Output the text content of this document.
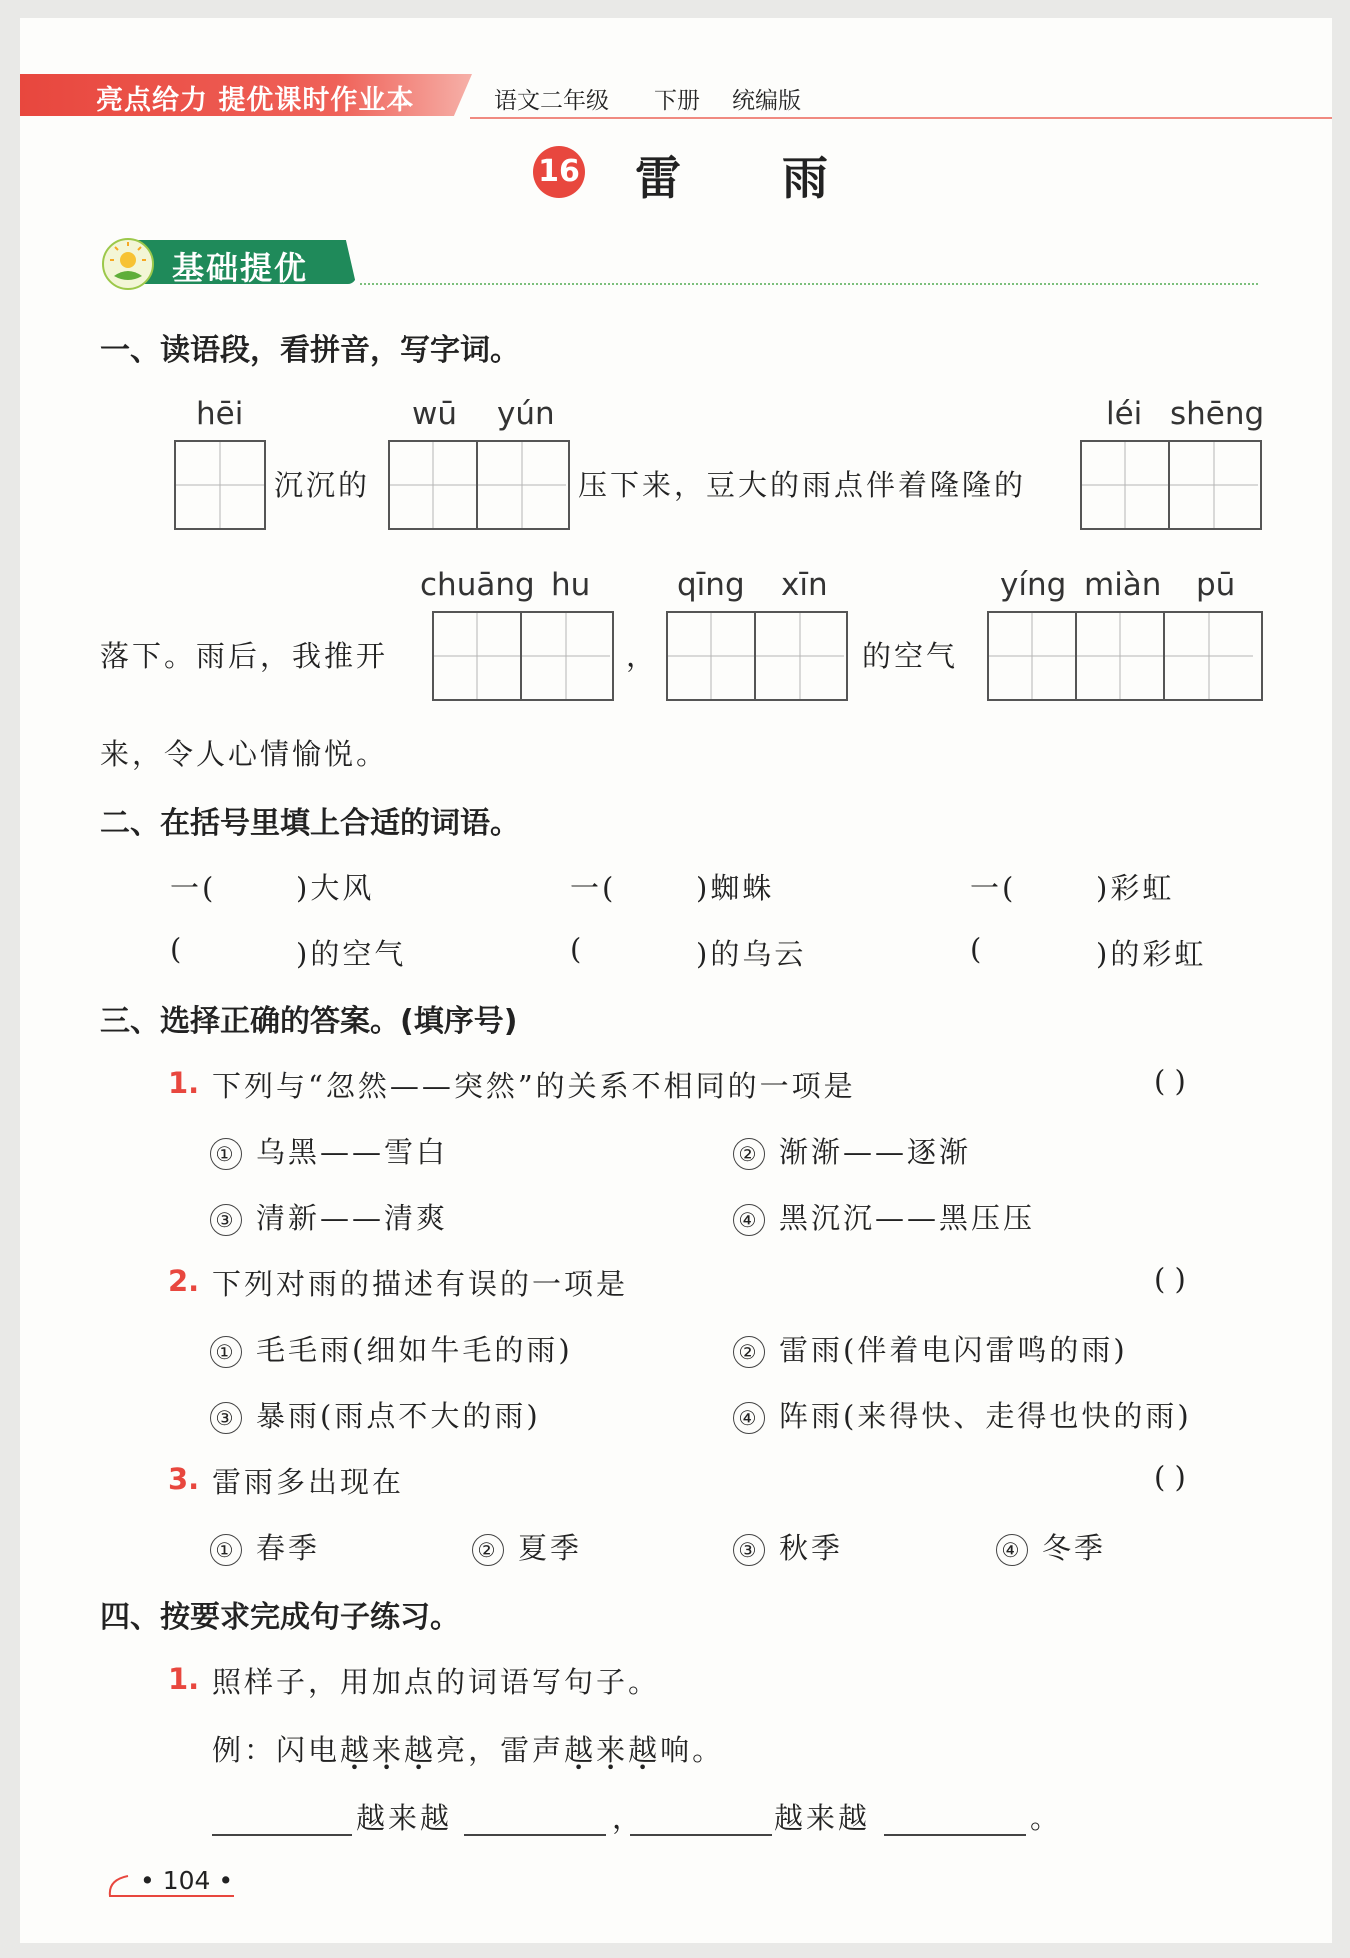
亮点给力 提优课时作业本	语文二年级 下册 统编版
16 雷 雨
基础提优
一、读语段，看拼音，写字词。
hēi	wū yún	léi shēng
沉沉的	压下来，豆大的雨点伴着隆隆的
chuāng hu	qīng xīn	yíng miàn pū
落下。雨后，我推开	，	的空气
来，令人心情愉悦。
二、在括号里填上合适的词语。
一(	)大风	一(	)蜘蛛	一(	)彩虹
(	)的空气	(	)的乌云	(	)的彩虹
三、选择正确的答案。(填序号)
1. 下列与“忽然——突然”的关系不相同的一项是	( )
① 乌黑——雪白	② 渐渐——逐渐
③ 清新——清爽	④ 黑沉沉——黑压压
2. 下列对雨的描述有误的一项是	( )
① 毛毛雨(细如牛毛的雨)	② 雷雨(伴着电闪雷鸣的雨)
③ 暴雨(雨点不大的雨)	④ 阵雨(来得快、走得也快的雨)
3. 雷雨多出现在	( )
① 春季	② 夏季	③ 秋季	④ 冬季
四、按要求完成句子练习。
1. 照样子，用加点的词语写句子。
例：闪电越来越亮，雷声越来越响。
越来越	，	越来越	。
• 104 •
